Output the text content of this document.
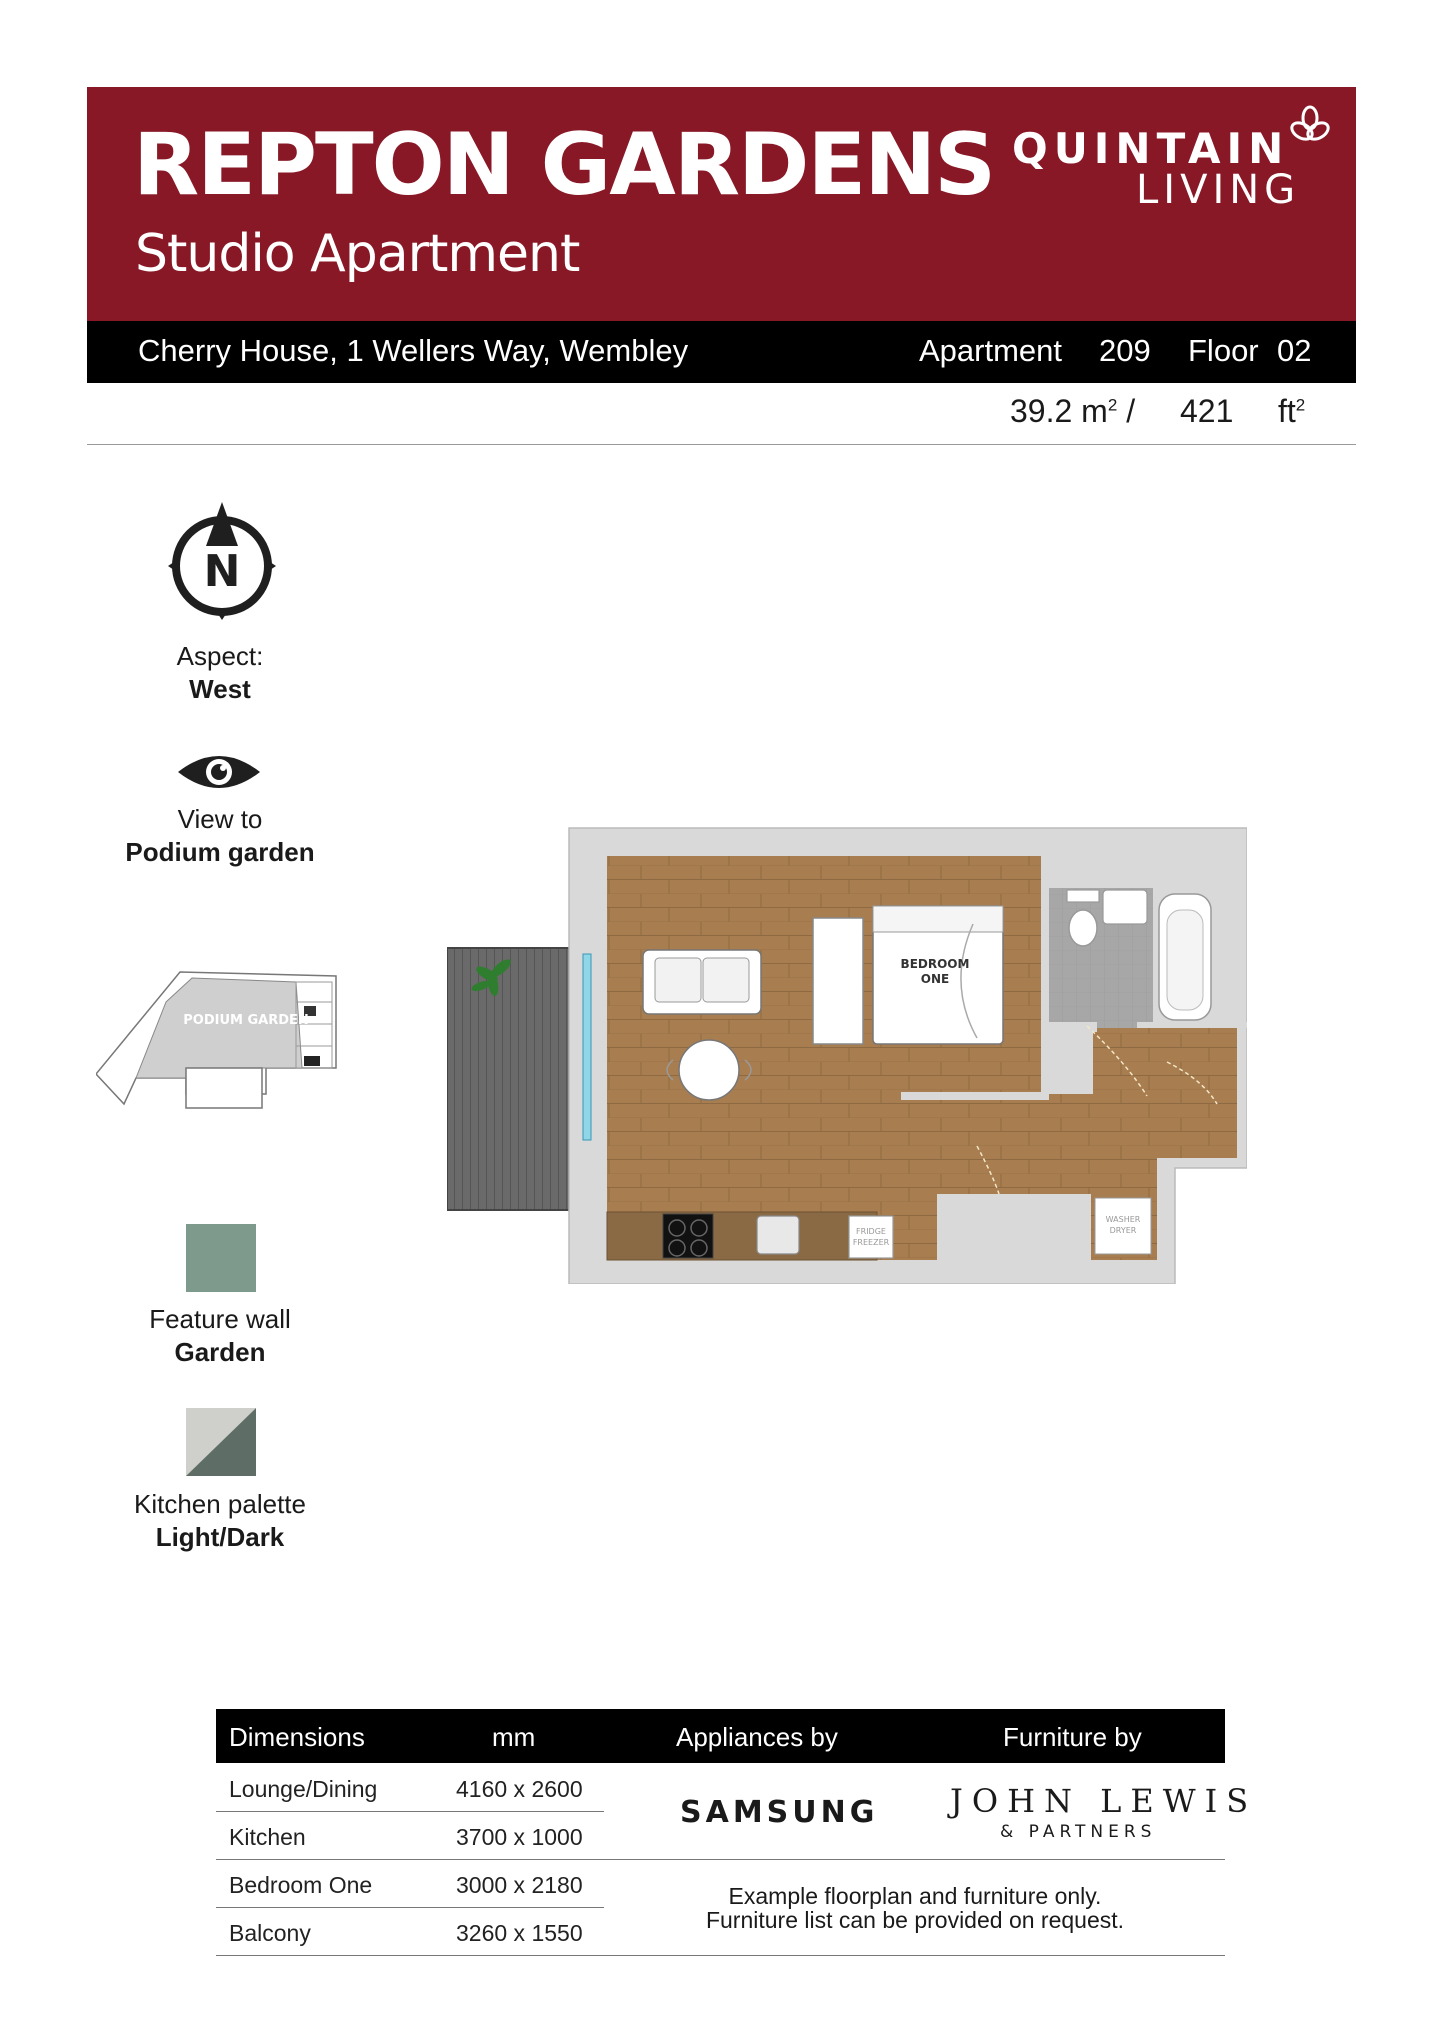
REPTON GARDENS
Studio Apartment
QUINTAIN
LIVING
Cherry House, 1 Wellers Way, Wembley	Apartment 209 Floor 02
39.2 $m^2 / 421$ $ft^2$
N
Aspect:
West
View to
Podium garden
PODIUM GARDEN
Feature wall
Garden
Kitchen palette
Light/Dark
FRIDGE
FREEZER
WASHER
DRYER
BEDROOM
ONE
Dimensions	mm	Appliances by	Furniture by
Lounge/Dining	4160 x 2600
Kitchen	3700 x 1000
Bedroom One	3000 x 2180
Balcony	3260 x 1550
SAMSUNG JOHN LEWIS
& PARTNERS
Example floorplan and furniture only.
Furniture list can be provided on request.
